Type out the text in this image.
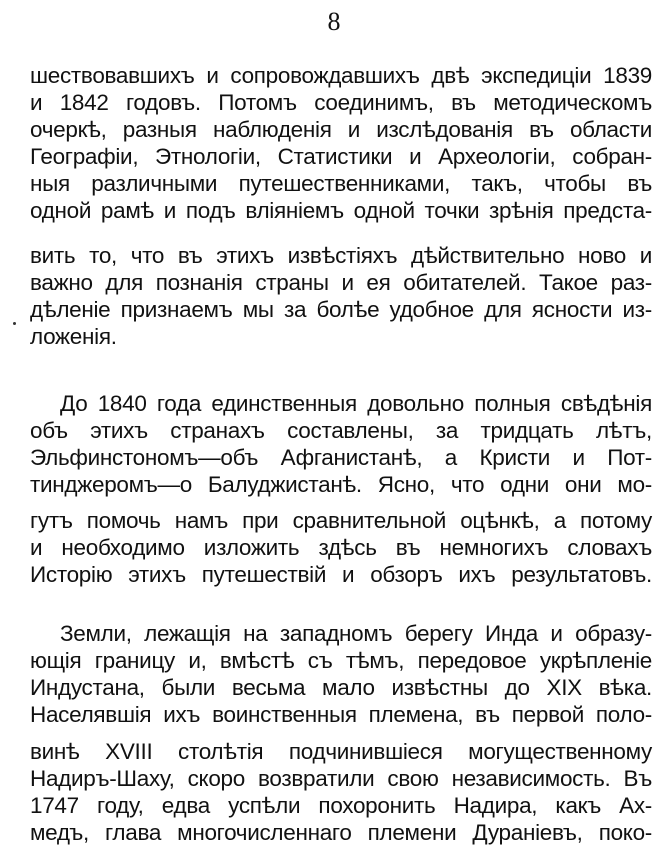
8
шествовавшихъ и сопровождавшихъ двѣ экспедиціи 1839
и 1842 годовъ. Потомъ соединимъ, въ методическомъ
очеркѣ, разныя наблюденія и изслѣдованія въ области
Географіи, Этнологіи, Статистики и Археологіи, собран-
ныя различными путешественниками, такъ, чтобы въ
одной рамѣ и подъ вліяніемъ одной точки зрѣнія предста-
вить то, что въ этихъ извѣстіяхъ дѣйствительно ново и
важно для познанія страны и ея обитателей. Такое раз-
дѣленіе признаемъ мы за болѣе удобное для ясности из-
ложенія.
До 1840 года единственныя довольно полныя свѣдѣнія
объ этихъ странахъ составлены, за тридцать лѣтъ,
Эльфинстономъ—объ Афганистанѣ, а Кристи и Пот-
тинджеромъ—о Балуджистанѣ. Ясно, что одни они мо-
гутъ помочь намъ при сравнительной оцѣнкѣ, а потому
и необходимо изложить здѣсь въ немногихъ словахъ
Исторію этихъ путешествій и обзоръ ихъ результатовъ.
Земли, лежащія на западномъ берегу Инда и образу-
ющія границу и, вмѣстѣ съ тѣмъ, передовое укрѣпленіе
Индустана, были весьма мало извѣстны до XIX вѣка.
Населявшія ихъ воинственныя племена, въ первой поло-
винѣ XVIII столѣтія подчинившіеся могущественному
Надиръ-Шаху, скоро возвратили свою независимость. Въ
1747 году, едва успѣли похоронить Надира, какъ Ах-
медъ, глава многочисленнаго племени Дураніевъ, поко-
